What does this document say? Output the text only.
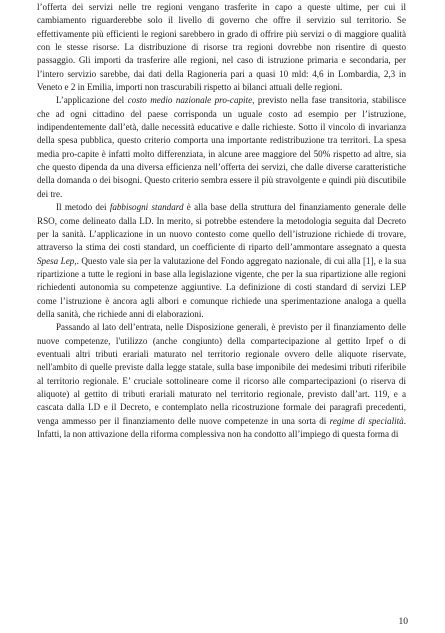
l’offerta dei servizi nelle tre regioni vengano trasferite in capo a queste ultime, per cui il cambiamento riguarderebbe solo il livello di governo che offre il servizio sul territorio. Se effettivamente più efficienti le regioni sarebbero in grado di offrire più servizi o di maggiore qualità con le stesse risorse. La distribuzione di risorse tra regioni dovrebbe non risentire di questo passaggio. Gli importi da trasferire alle regioni, nel caso di istruzione primaria e secondaria, per l’intero servizio sarebbe, dai dati della Ragioneria pari a quasi 10 mld: 4,6 in Lombardia, 2,3 in Veneto e 2 in Emilia, importi non trascurabili rispetto ai bilanci attuali delle regioni.

L’applicazione del costo medio nazionale pro-capite, previsto nella fase transitoria, stabilisce che ad ogni cittadino del paese corrisponda un uguale costo ad esempio per l’istruzione, indipendentemente dall’età, dalle necessità educative e dalle richieste. Sotto il vincolo di invarianza della spesa pubblica, questo criterio comporta una importante redistribuzione tra territori. La spesa media pro-capite è infatti molto differenziata, in alcune aree maggiore del 50% rispetto ad altre, sia che questo dipenda da una diversa efficienza nell’offerta dei servizi, che dalle diverse caratteristiche della domanda o dei bisogni. Questo criterio sembra essere il più stravolgente e quindi più discutibile dei tre.

Il metodo dei fabbisogni standard è alla base della struttura del finanziamento generale delle RSO, come delineato dalla LD. In merito, si potrebbe estendere la metodologia seguita dal Decreto per la sanità. L’applicazione in un nuovo contesto come quello dell’istruzione richiede di trovare, attraverso la stima dei costi standard, un coefficiente di riparto dell’ammontare assegnato a questa Spesa Lep,. Questo vale sia per la valutazione del Fondo aggregato nazionale, di cui alla [1], e la sua ripartizione a tutte le regioni in base alla legislazione vigente, che per la sua ripartizione alle regioni richiedenti autonomia su competenze aggiuntive. La definizione di costi standard di servizi LEP come l’istruzione è ancora agli albori e comunque richiede una sperimentazione analoga a quella della sanità, che richiede anni di elaborazioni.

Passando al lato dell’entrata, nelle Disposizione generali, è previsto per il finanziamento delle nuove competenze, l'utilizzo (anche congiunto) della compartecipazione al gettito Irpef o di eventuali altri tributi erariali maturato nel territorio regionale ovvero delle aliquote riservate, nell'ambito di quelle previste dalla legge statale, sulla base imponibile dei medesimi tributi riferibile al territorio regionale. E’ cruciale sottolineare come il ricorso alle compartecipazioni (o riserva di aliquote) al gettito di tributi erariali maturato nel territorio regionale, previsto dall’art. 119, e a cascata dalla LD e il Decreto, e contemplato nella ricostruzione formale dei paragrafi precedenti, venga ammesso per il finanziamento delle nuove competenze in una sorta di regime di specialità. Infatti, la non attivazione della riforma complessiva non ha condotto all’impiego di questa forma di

10
